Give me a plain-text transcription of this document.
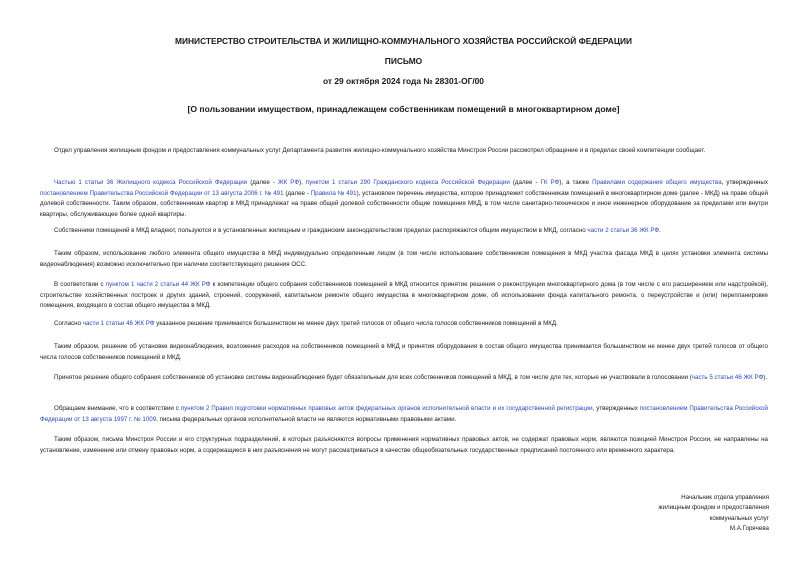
МИНИСТЕРСТВО СТРОИТЕЛЬСТВА И ЖИЛИЩНО-КОММУНАЛЬНОГО ХОЗЯЙСТВА РОССИЙСКОЙ ФЕДЕРАЦИИ
ПИСЬМО
от 29 октября 2024 года № 28301-ОГ/00
[О пользовании имуществом, принадлежащем собственникам помещений в многоквартирном доме]

Отдел управления жилищным фондом и предоставления коммунальных услуг Департамента развития жилищно-коммунального хозяйства Минстроя России рассмотрел обращение и в пределах своей компетенции сообщает.

Частью 1 статьи 36 Жилищного кодекса Российской Федерации (далее - ЖК РФ), пунктом 1 статьи 290 Гражданского кодекса Российской Федерации (далее - ГК РФ), а также Правилами содержания общего имущества, утвержденных постановлением Правительства Российской Федерации от 13 августа 2006 г. № 491 (далее - Правила № 491), установлен перечень имущества, которое принадлежит собственникам помещений в многоквартирном доме (далее - МКД) на праве общей долевой собственности. Таким образом, собственникам квартир в МКД принадлежат на праве общей долевой собственности общие помещения МКД, в том числе санитарно-техническое и иное инженерное оборудование за пределами или внутри квартиры, обслуживающее более одной квартиры.

Собственники помещений в МКД владеют, пользуются и в установленных жилищным и гражданским законодательством пределах распоряжаются общим имуществом в МКД, согласно части 2 статьи 36 ЖК РФ.

Таким образом, использование любого элемента общего имущества в МКД индивидуально определенным лицом (в том числе использование собственником помещения в МКД участка фасада МКД в целях установки элемента системы видеонаблюдения) возможно исключительно при наличии соответствующего решения ОСС.

В соответствии с пунктом 1 части 2 статьи 44 ЖК РФ к компетенции общего собрания собственников помещений в МКД относится принятие решения о реконструкции многоквартирного дома (в том числе с его расширением или надстройкой), строительстве хозяйственных построек и других зданий, строений, сооружений, капитальном ремонте общего имущества в многоквартирном доме, об использовании фонда капитального ремонта, о переустройстве и (или) перепланировке помещения, входящего в состав общего имущества в МКД.

Согласно части 1 статьи 46 ЖК РФ указанное решение принимается большинством не менее двух третей голосов от общего числа голосов собственников помещений в МКД.

Таким образом, решение об установке видеонаблюдения, возложения расходов на собственников помещений в МКД и принятия оборудования в состав общего имущества принимается большинством не менее двух третей голосов от общего числа голосов собственников помещений в МКД.

Принятое решение общего собрания собственников об установке системы видеонаблюдения будет обязательным для всех собственников помещений в МКД, в том числе для тех, которые не участвовали в голосовании (часть 5 статьи 46 ЖК РФ).

Обращаем внимание, что в соответствии с пунктом 2 Правил подготовки нормативных правовых актов федеральных органов исполнительной власти и их государственной регистрации, утвержденных постановлением Правительства Российской Федерации от 13 августа 1997 г. № 1009, письма федеральных органов исполнительной власти не являются нормативными правовыми актами.

Таким образом, письма Минстроя России и его структурных подразделений, в которых разъясняются вопросы применения нормативных правовых актов, не содержат правовых норм, являются позицией Минстроя России, не направлены на установление, изменение или отмену правовых норм, а содержащиеся в них разъяснения не могут рассматриваться в качестве общеобязательных государственных предписаний постоянного или временного характера.

Начальник отдела управления
жилищным фондом и предоставления
коммунальных услуг
М.А.Горячева
